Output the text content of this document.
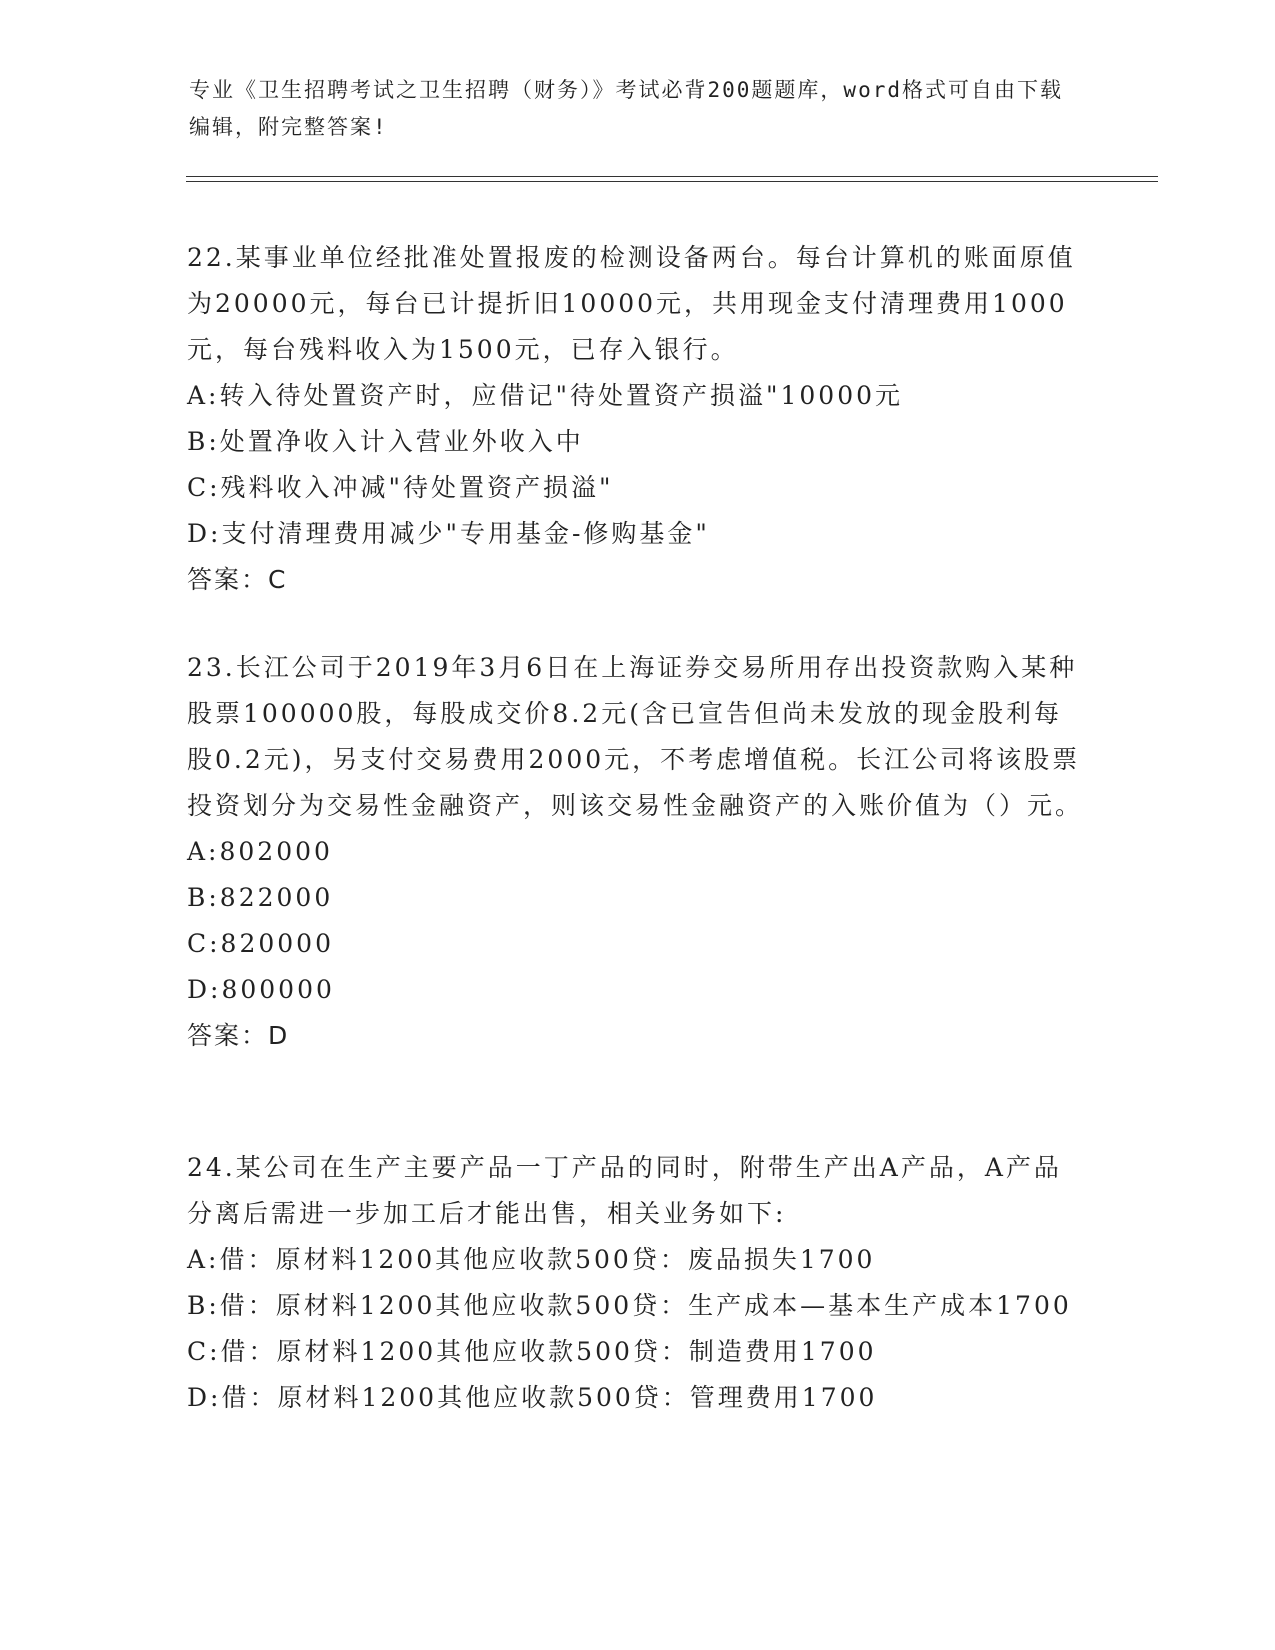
专业《卫生招聘考试之卫生招聘（财务）》考试必背200题题库，word格式可自由下载编辑，附完整答案!
22.某事业单位经批准处置报废的检测设备两台。每台计算机的账面原值为20000元，每台已计提折旧10000元，共用现金支付清理费用1000元，每台残料收入为1500元，已存入银行。
A:转入待处置资产时，应借记"待处置资产损溢"10000元
B:处置净收入计入营业外收入中
C:残料收入冲减"待处置资产损溢"
D:支付清理费用减少"专用基金-修购基金"
答案：C
23.长江公司于2019年3月6日在上海证券交易所用存出投资款购入某种股票100000股，每股成交价8.2元(含已宣告但尚未发放的现金股利每股0.2元)，另支付交易费用2000元，不考虑增值税。长江公司将该股票投资划分为交易性金融资产，则该交易性金融资产的入账价值为（）元。
A:802000
B:822000
C:820000
D:800000
答案：D
24.某公司在生产主要产品一丁产品的同时，附带生产出A产品，A产品分离后需进一步加工后才能出售，相关业务如下:
A:借：原材料1200其他应收款500贷：废品损失1700
B:借：原材料1200其他应收款500贷：生产成本—基本生产成本1700
C:借：原材料1200其他应收款500贷：制造费用1700
D:借：原材料1200其他应收款500贷：管理费用1700
